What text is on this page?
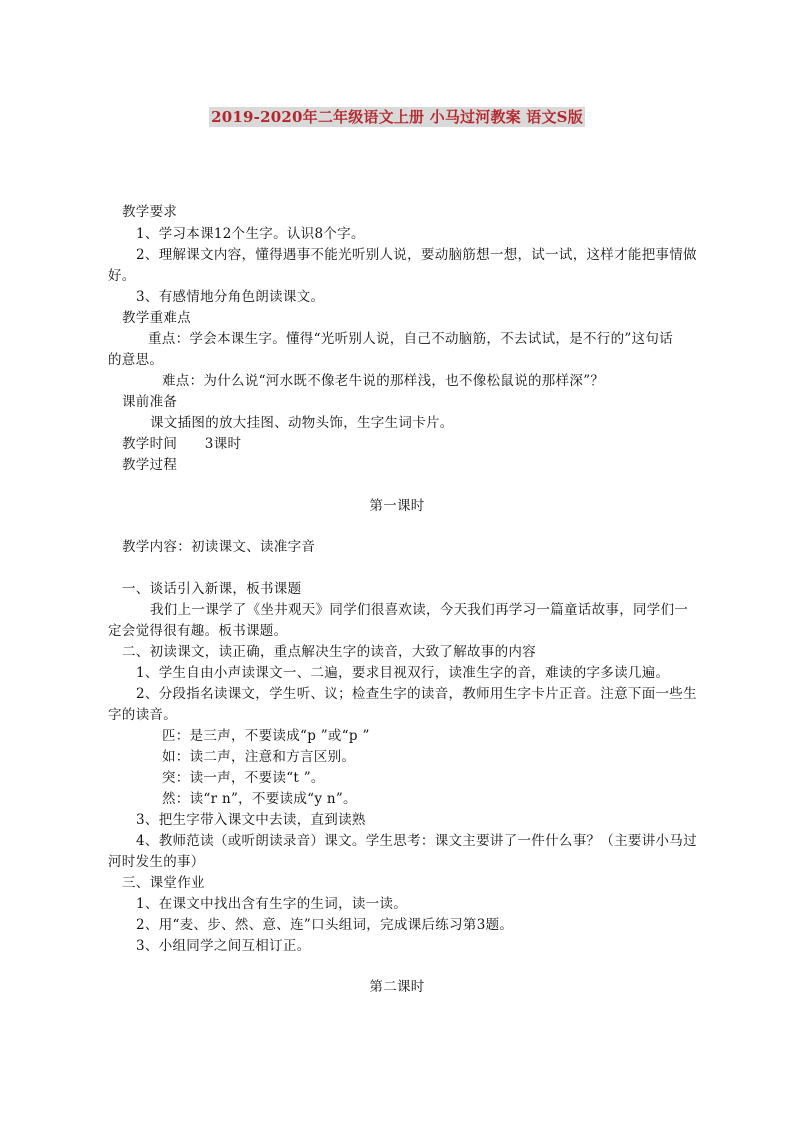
2019-2020年二年级语文上册 小马过河教案 语文S版
教学要求
1、学习本课12个生字。认识8个字。
2、理解课文内容，懂得遇事不能光听别人说，要动脑筋想一想，试一试，这样才能把事情做
好。
3、有感情地分角色朗读课文。
教学重难点
重点：学会本课生字。懂得“光听别人说，自己不动脑筋，不去试试，是不行的”这句话
的意思。
难点：为什么说“河水既不像老牛说的那样浅，也不像松鼠说的那样深”？
课前准备
课文插图的放大挂图、动物头饰，生字生词卡片。
教学时间　　3课时
教学过程
第一课时
教学内容：初读课文、读准字音
一、谈话引入新课，板书课题
我们上一课学了《坐井观天》同学们很喜欢读，今天我们再学习一篇童话故事，同学们一
定会觉得很有趣。板书课题。
二、初读课文，读正确，重点解决生字的读音，大致了解故事的内容
1、学生自由小声读课文一、二遍，要求目视双行，读准生字的音，难读的字多读几遍。
2、分段指名读课文，学生听、议；检查生字的读音，教师用生字卡片正音。注意下面一些生
字的读音。
匹：是三声，不要读成“p ”或“p ”
如：读二声，注意和方言区别。
突：读一声，不要读“t ”。
然：读“r n”，不要读成“y n”。
3、把生字带入课文中去读，直到读熟
4、教师范读（或听朗读录音）课文。学生思考：课文主要讲了一件什么事？（主要讲小马过
河时发生的事）
三、课堂作业
1、在课文中找出含有生字的生词，读一读。
2、用“麦、步、然、意、连”口头组词，完成课后练习第3题。
3、小组同学之间互相订正。
第二课时
